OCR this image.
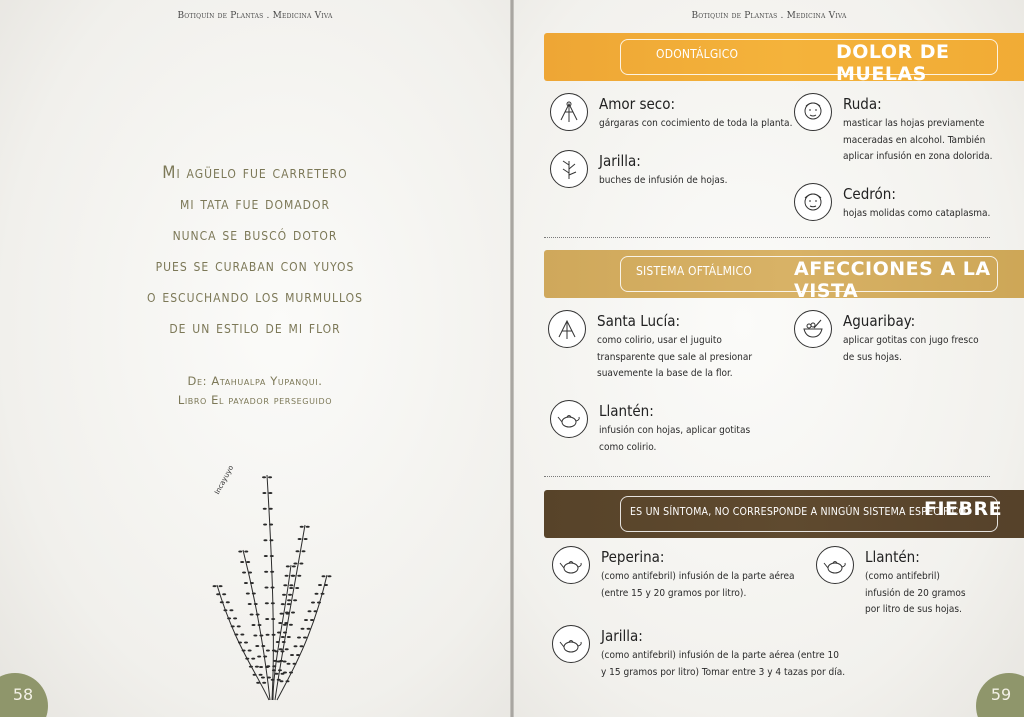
Botiquín de Plantas . Medicina Viva
Mi agüelo fue carretero
mi tata fue domador
nunca se buscó dotor
pues se curaban con yuyos
o escuchando los murmullos
de un estilo de mi flor
De: Atahualpa Yupanqui.
Libro El payador perseguido
Incayuyo
58
Botiquín de Plantas . Medicina Viva
ODONTÁLGICO	DOLOR DE MUELAS
Amor seco:
gárgaras con cocimiento de toda la planta.
Jarilla:
buches de infusión de hojas.
Ruda:
masticar las hojas previamente
maceradas en alcohol. También
aplicar infusión en zona dolorida.
Cedrón:
hojas molidas como cataplasma.
SISTEMA OFTÁLMICO AFECCIONES A LA VISTA
Santa Lucía:
como colirio, usar el juguito
transparente que sale al presionar
suavemente la base de la flor.
Llantén:
infusión con hojas, aplicar gotitas
como colirio.
Aguaribay:
aplicar gotitas con jugo fresco
de sus hojas.
ES UN SÍNTOMA, NO CORRESPONDE A NINGÚN SISTEMA ESPECÍFICO
FIEBRE
Peperina:
(como antifebril) infusión de la parte aérea
(entre 15 y 20 gramos por litro).
Jarilla:
(como antifebril) infusión de la parte aérea (entre 10
y 15 gramos por litro) Tomar entre 3 y 4 tazas por día.
Llantén:
(como antifebril)
infusión de 20 gramos
por litro de sus hojas.
59
